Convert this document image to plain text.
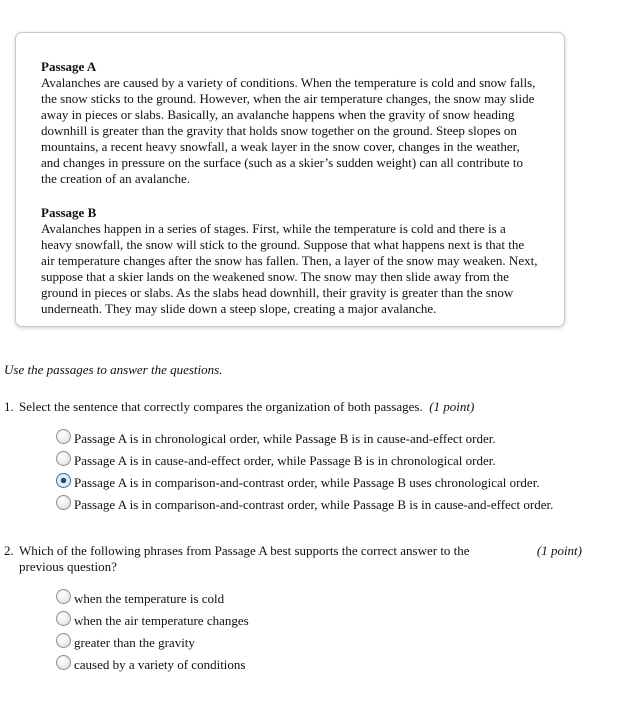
Passage A
Avalanches are caused by a variety of conditions. When the temperature is cold and snow falls, the snow sticks to the ground. However, when the air temperature changes, the snow may slide away in pieces or slabs. Basically, an avalanche happens when the gravity of snow heading downhill is greater than the gravity that holds snow together on the ground. Steep slopes on mountains, a recent heavy snowfall, a weak layer in the snow cover, changes in the weather, and changes in pressure on the surface (such as a skier’s sudden weight) can all contribute to the creation of an avalanche.
Passage B
Avalanches happen in a series of stages. First, while the temperature is cold and there is a heavy snowfall, the snow will stick to the ground. Suppose that what happens next is that the air temperature changes after the snow has fallen. Then, a layer of the snow may weaken. Next, suppose that a skier lands on the weakened snow. The snow may then slide away from the ground in pieces or slabs. As the slabs head downhill, their gravity is greater than the snow underneath. They may slide down a steep slope, creating a major avalanche.
Use the passages to answer the questions.
1. Select the sentence that correctly compares the organization of both passages. (1 point)
Passage A is in chronological order, while Passage B is in cause-and-effect order.
Passage A is in cause-and-effect order, while Passage B is in chronological order.
Passage A is in comparison-and-contrast order, while Passage B uses chronological order.
Passage A is in comparison-and-contrast order, while Passage B is in cause-and-effect order.
2. Which of the following phrases from Passage A best supports the correct answer to the previous question?
(1 point)
when the temperature is cold
when the air temperature changes
greater than the gravity
caused by a variety of conditions
